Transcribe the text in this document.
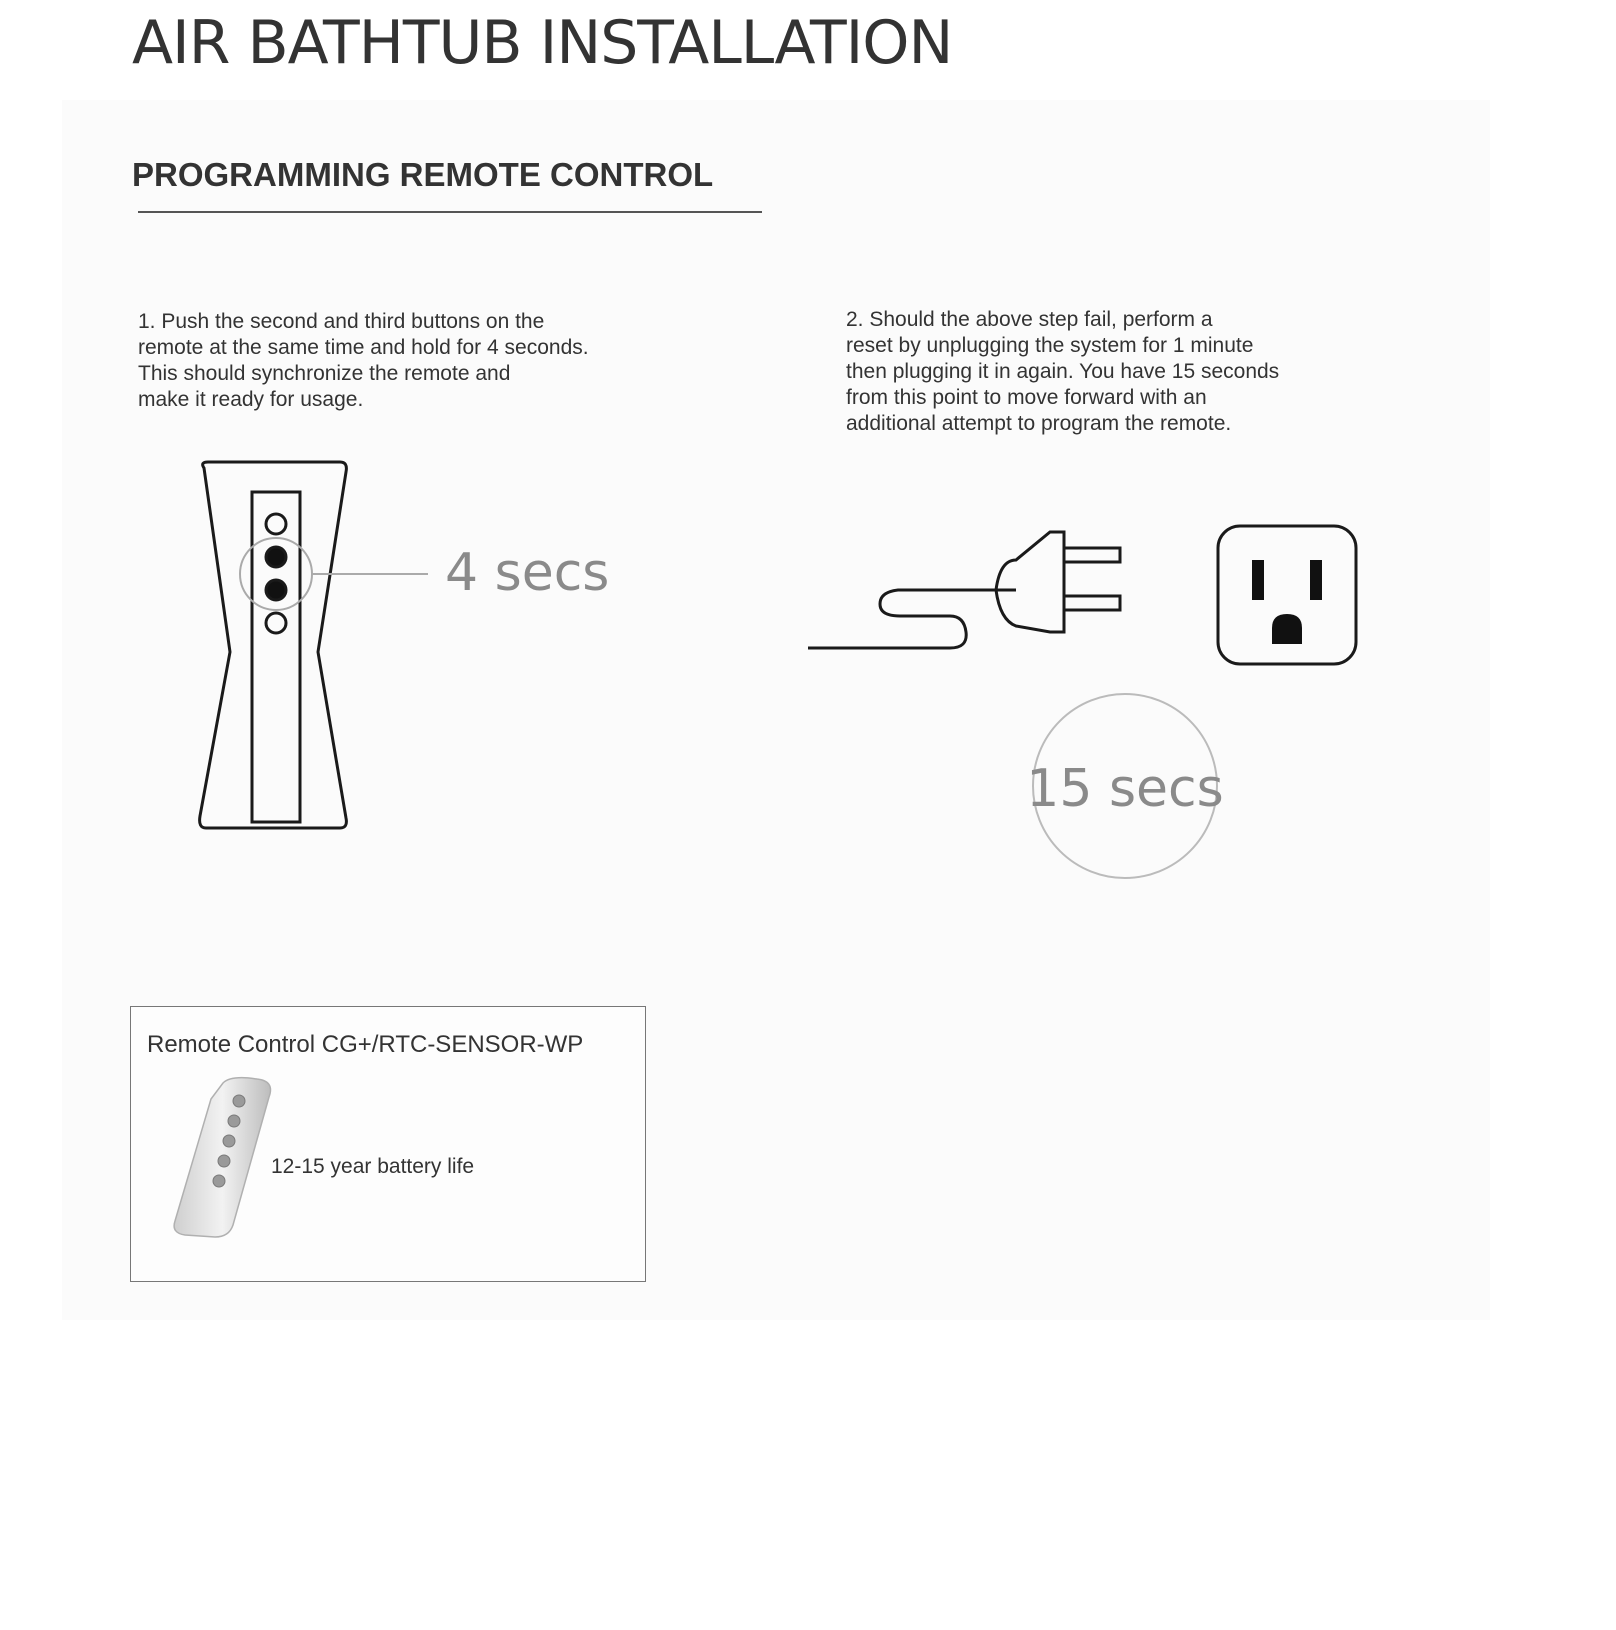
AIR BATHTUB INSTALLATION
PROGRAMMING REMOTE CONTROL
1. Push the second and third buttons on the
remote at the same time and hold for 4 seconds.
This should synchronize the remote and
make it ready for usage.
2. Should the above step fail, perform a
reset by unplugging the system for 1 minute
then plugging it in again. You have 15 seconds
from this point to move forward with an
additional attempt to program the remote.
4 secs
15 secs
Remote Control CG+/RTC-SENSOR-WP
12-15 year battery life
